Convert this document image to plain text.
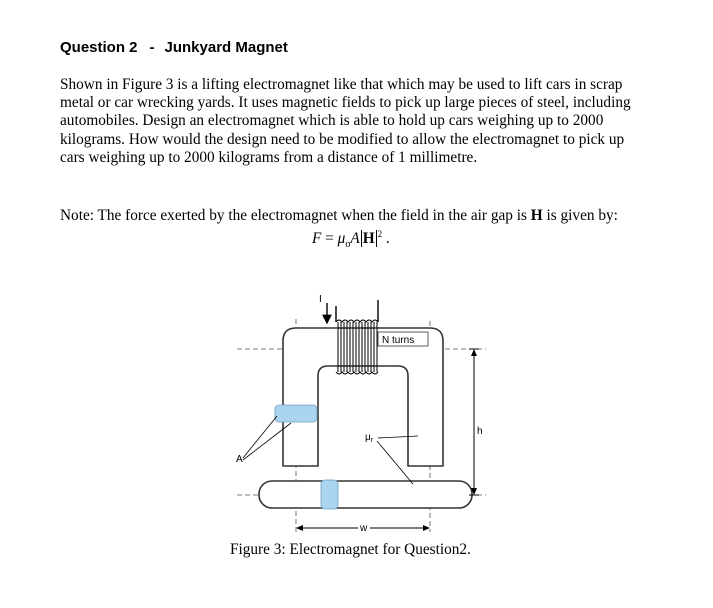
Question 2 - Junkyard Magnet
Shown in Figure 3 is a lifting electromagnet like that which may be used to lift cars in scrap
metal or car wrecking yards. It uses magnetic fields to pick up large pieces of steel, including
automobiles. Design an electromagnet which is able to hold up cars weighing up to 2000
kilograms. How would the design need to be modified to allow the electromagnet to pick up
cars weighing up to 2000 kilograms from a distance of 1 millimetre.
Note: The force exerted by the electromagnet when the field in the air gap is H is given by:
$F = \mu_oA$ H $^2$ .
I
N turns
$\mu_r$
A
h
w
Figure 3: Electromagnet for Question2.
